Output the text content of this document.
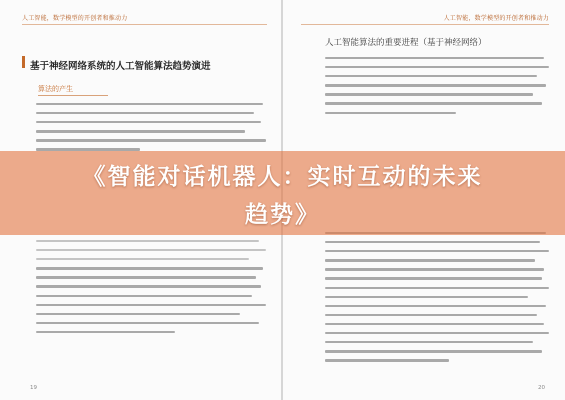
人工智能，数学模型的开创者和推动力
基于神经网络系统的人工智能算法趋势演进
算法的产生
19
人工智能，数学模型的开创者和推动力
人工智能算法的重要进程（基于神经网络）
20
《智能对话机器人：实时互动的未来
趋势》
